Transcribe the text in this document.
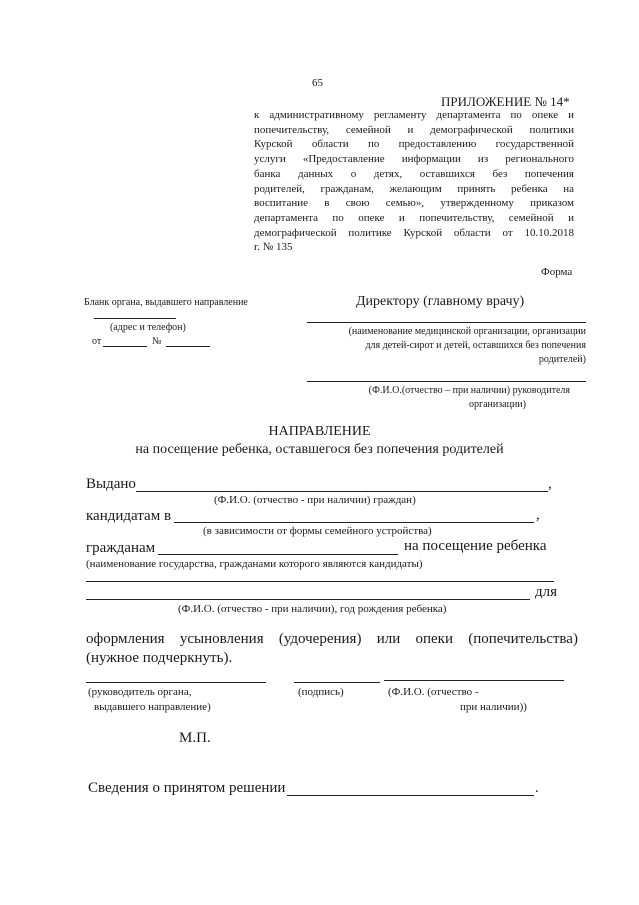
65
ПРИЛОЖЕНИЕ № 14*
к административному регламенту департамента по опеке и
попечительству, семейной и демографической политики
Курской области по предоставлению государственной
услуги «Предоставление информации из регионального
банка данных о детях, оставшихся без попечения
родителей, гражданам, желающим принять ребенка на
воспитание в свою семью», утвержденному приказом
департамента по опеке и попечительству, семейной и
демографической политике Курской области от 10.10.2018
г. № 135
Форма
Бланк органа, выдавшего направление
(адрес и телефон)
от	№
Директору (главному врачу)
(наименование медицинской организации, организации
для детей-сирот и детей, оставшихся без попечения
родителей)
(Ф.И.О.(отчество – при наличии) руководителя
организации)
НАПРАВЛЕНИЕ
на посещение ребенка, оставшегося без попечения родителей
Выдано	,
(Ф.И.О. (отчество - при наличии) граждан)
кандидатам в	,
(в зависимости от формы семейного устройства)
гражданам	на посещение ребенка
(наименование государства, гражданами которого являются кандидаты)
для
(Ф.И.О. (отчество - при наличии), год рождения ребенка)
оформления усыновления (удочерения) или опеки (попечительства)
(нужное подчеркнуть).
(руководитель органа,
выдавшего направление)
(подпись)	(Ф.И.О. (отчество -
при наличии))
М.П.
Сведения о принятом решении	.
